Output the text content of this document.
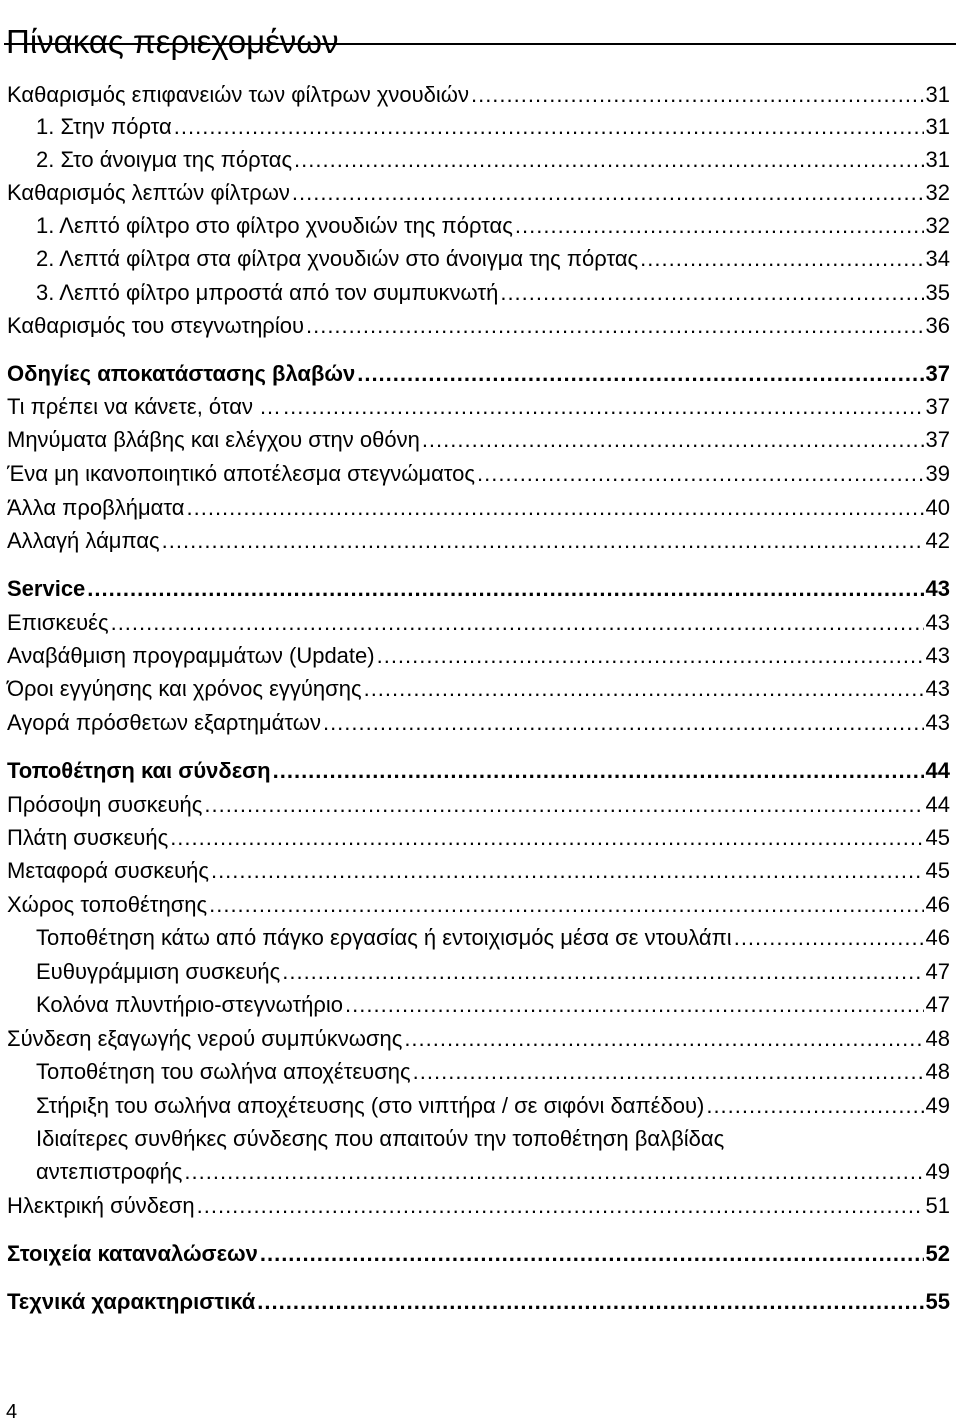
Πίνακας περιεχομένων
Καθαρισμός επιφανειών των φίλτρων χνουδιών .....	31
1. Στην πόρτα .....	31
2. Στο άνοιγμα της πόρτας .....	31
Καθαρισμός λεπτών φίλτρων .....	32
1. Λεπτό φίλτρο στο φίλτρο χνουδιών της πόρτας .....	32
2. Λεπτά φίλτρα στα φίλτρα χνουδιών στο άνοιγμα της πόρτας .....	34
3. Λεπτό φίλτρο μπροστά από τον συμπυκνωτή .....	35
Καθαρισμός του στεγνωτηρίου .....	36
Οδηγίες αποκατάστασης βλαβών .....	37
Τι πρέπει να κάνετε, όταν … .....	37
Μηνύματα βλάβης και ελέγχου στην οθόνη .....	37
Ένα μη ικανοποιητικό αποτέλεσμα στεγνώματος .....	39
Άλλα προβλήματα .....	40
Αλλαγή λάμπας .....	42
Service .....	43
Επισκευές .....	43
Αναβάθμιση προγραμμάτων (Update) .....	43
Όροι εγγύησης και χρόνος εγγύησης .....	43
Αγορά πρόσθετων εξαρτημάτων .....	43
Τοποθέτηση και σύνδεση .....	44
Πρόσοψη συσκευής .....	44
Πλάτη συσκευής .....	45
Μεταφορά συσκευής .....	45
Χώρος τοποθέτησης .....	46
Τοποθέτηση κάτω από πάγκο εργασίας ή εντοιχισμός μέσα σε ντουλάπι .....	46
Ευθυγράμμιση συσκευής .....	47
Κολόνα πλυντήριο-στεγνωτήριο .....	47
Σύνδεση εξαγωγής νερού συμπύκνωσης .....	48
Τοποθέτηση του σωλήνα αποχέτευσης .....	48
Στήριξη του σωλήνα αποχέτευσης (στο νιπτήρα / σε σιφόνι δαπέδου) .....	49
Ιδιαίτερες συνθήκες σύνδεσης που απαιτούν την τοποθέτηση βαλβίδας
αντεπιστροφής .....	49
Ηλεκτρική σύνδεση .....	51
Στοιχεία καταναλώσεων .....	52
Τεχνικά χαρακτηριστικά .....	55
4
